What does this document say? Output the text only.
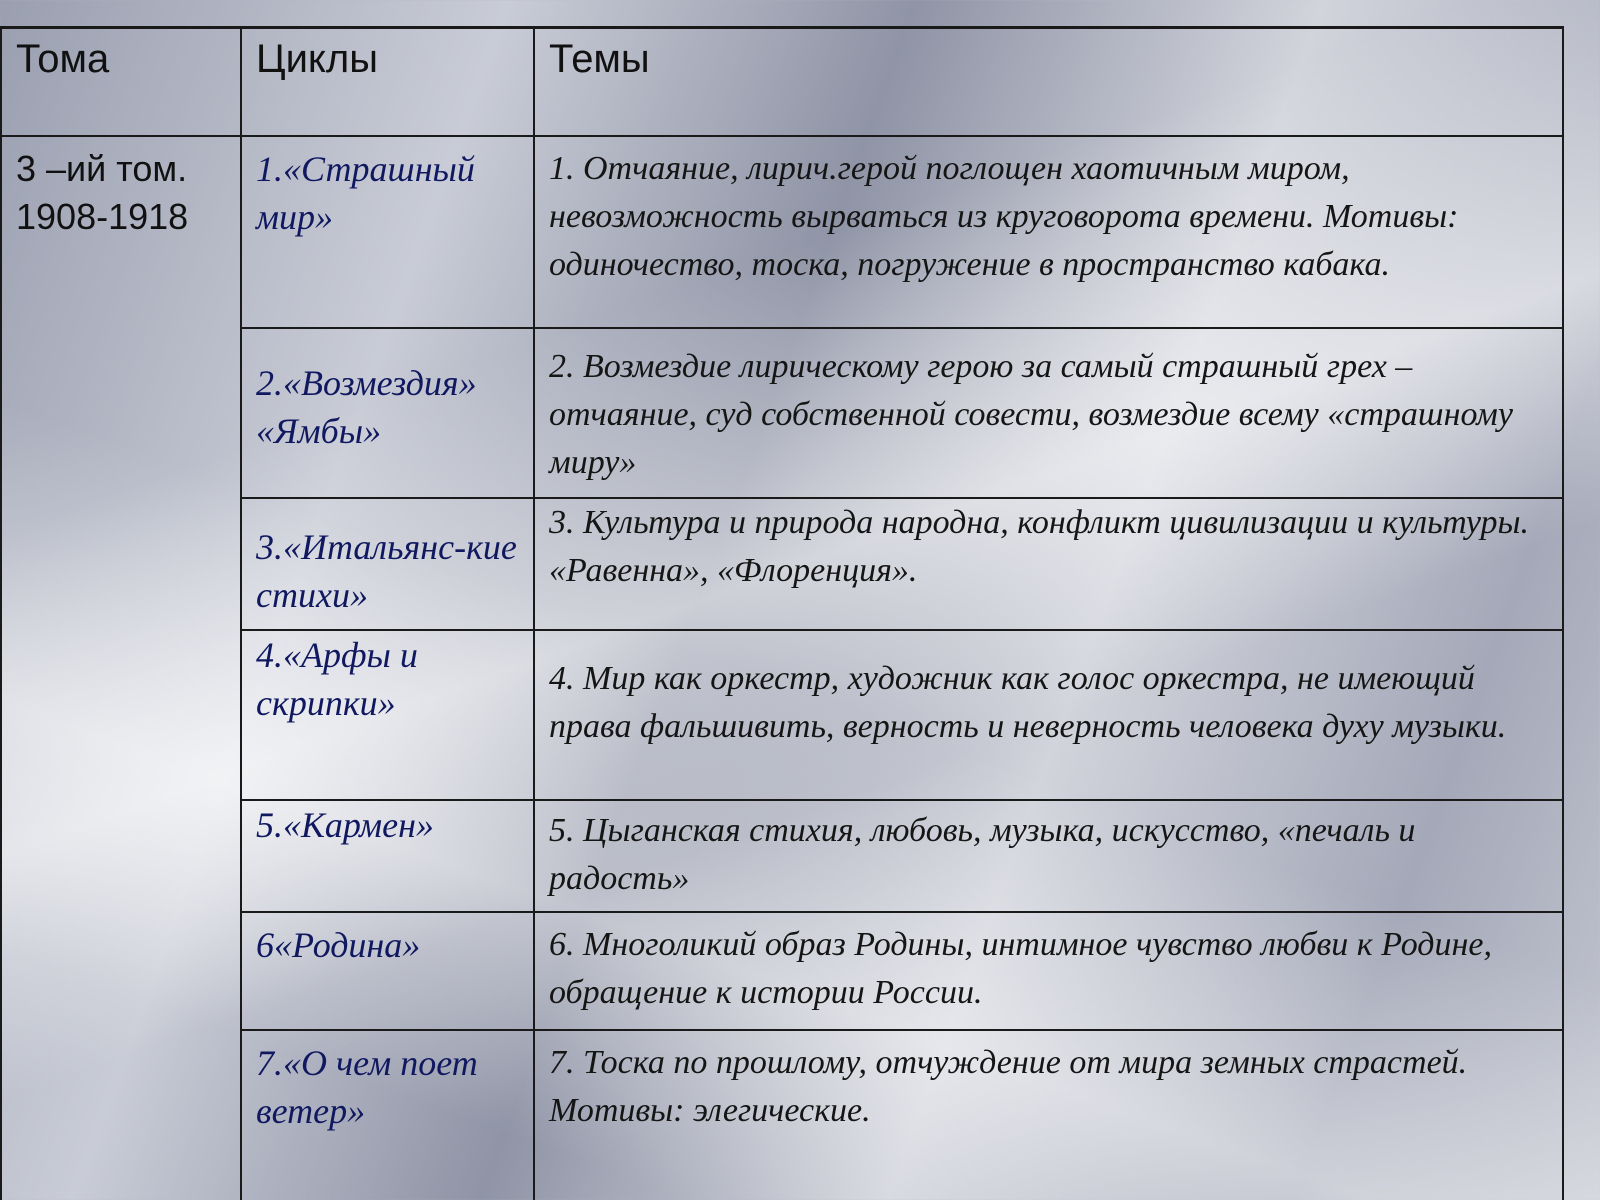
Тома	Циклы	Темы

3 –ий том.
1908-1918	1.«Страшный мир»	1. Отчаяние, лирич.герой поглощен хаотичным миром, невозможность вырваться из круговорота времени. Мотивы: одиночество, тоска, погружение в пространство кабака.
	2.«Возмездия» «Ямбы»	2. Возмездие лирическому герою за самый страшный грех – отчаяние, суд собственной совести, возмездие всему «страшному миру»
	3.«Итальянс-кие стихи»	3. Культура и природа народна, конфликт цивилизации и культуры. «Равенна», «Флоренция».
	4.«Арфы и скрипки»	4. Мир как оркестр, художник как голос оркестра, не имеющий права фальшивить, верность и неверность человека духу музыки.
	5.«Кармен»	5. Цыганская стихия, любовь, музыка, искусство, «печаль и радость»
	6«Родина»	6. Многоликий образ Родины, интимное чувство любви к Родине, обращение к истории России.
	7.«О чем поет ветер»	7. Тоска по прошлому, отчуждение от мира земных страстей. Мотивы: элегические.
